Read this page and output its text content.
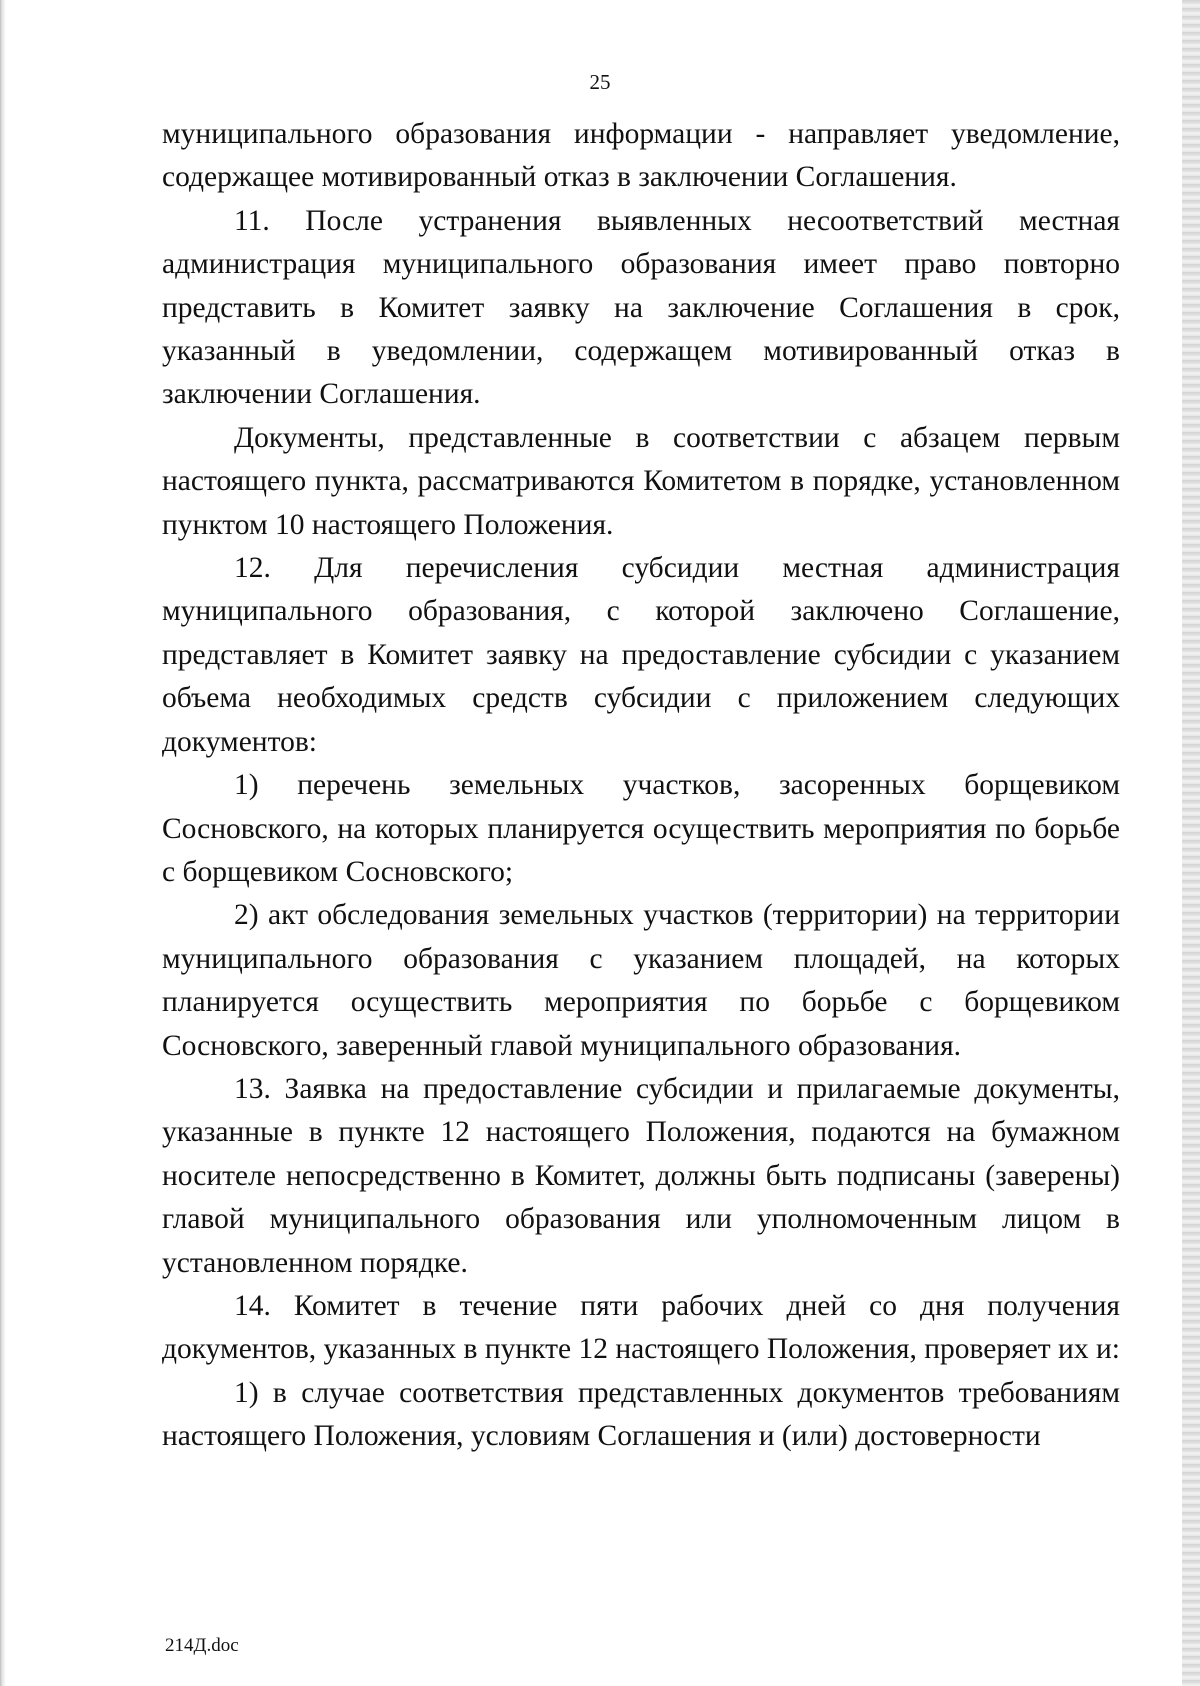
25

муниципального образования информации - направляет уведомление, содержащее мотивированный отказ в заключении Соглашения.

11. После устранения выявленных несоответствий местная администрация муниципального образования имеет право повторно представить в Комитет заявку на заключение Соглашения в срок, указанный в уведомлении, содержащем мотивированный отказ в заключении Соглашения.

Документы, представленные в соответствии с абзацем первым настоящего пункта, рассматриваются Комитетом в порядке, установленном пунктом 10 настоящего Положения.

12. Для перечисления субсидии местная администрация муниципального образования, с которой заключено Соглашение, представляет в Комитет заявку на предоставление субсидии с указанием объема необходимых средств субсидии с приложением следующих документов:

1) перечень земельных участков, засоренных борщевиком Сосновского, на которых планируется осуществить мероприятия по борьбе с борщевиком Сосновского;

2) акт обследования земельных участков (территории) на территории муниципального образования с указанием площадей, на которых планируется осуществить мероприятия по борьбе с борщевиком Сосновского, заверенный главой муниципального образования.

13. Заявка на предоставление субсидии и прилагаемые документы, указанные в пункте 12 настоящего Положения, подаются на бумажном носителе непосредственно в Комитет, должны быть подписаны (заверены) главой муниципального образования или уполномоченным лицом в установленном порядке.

14. Комитет в течение пяти рабочих дней со дня получения документов, указанных в пункте 12 настоящего Положения, проверяет их и:

1) в случае соответствия представленных документов требованиям настоящего Положения, условиям Соглашения и (или) достоверности

214Д.doc
